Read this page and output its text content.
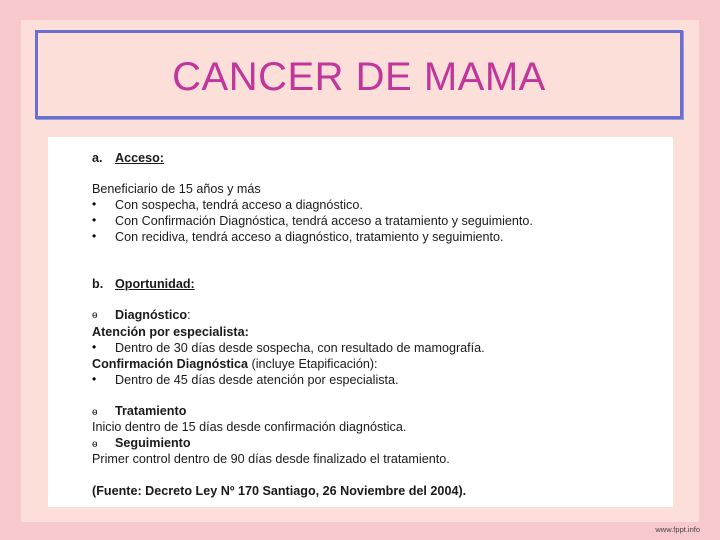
CANCER DE MAMA
a. Acceso:
Beneficiario de 15 años y más
• Con sospecha, tendrá acceso a diagnóstico.
• Con Confirmación Diagnóstica, tendrá acceso a tratamiento y seguimiento.
• Con recidiva, tendrá acceso a diagnóstico, tratamiento y seguimiento.
b. Oportunidad:
ɵ Diagnóstico:
Atención por especialista:
• Dentro de 30 días desde sospecha, con resultado de mamografía.
Confirmación Diagnóstica (incluye Etapificación):
• Dentro de 45 días desde atención por especialista.
ɵ Tratamiento
Inicio dentro de 15 días desde confirmación diagnóstica.
ɵ Seguimiento
Primer control dentro de 90 días desde finalizado el tratamiento.
(Fuente: Decreto Ley Nº 170 Santiago, 26 Noviembre del 2004).
www.fppt.info
